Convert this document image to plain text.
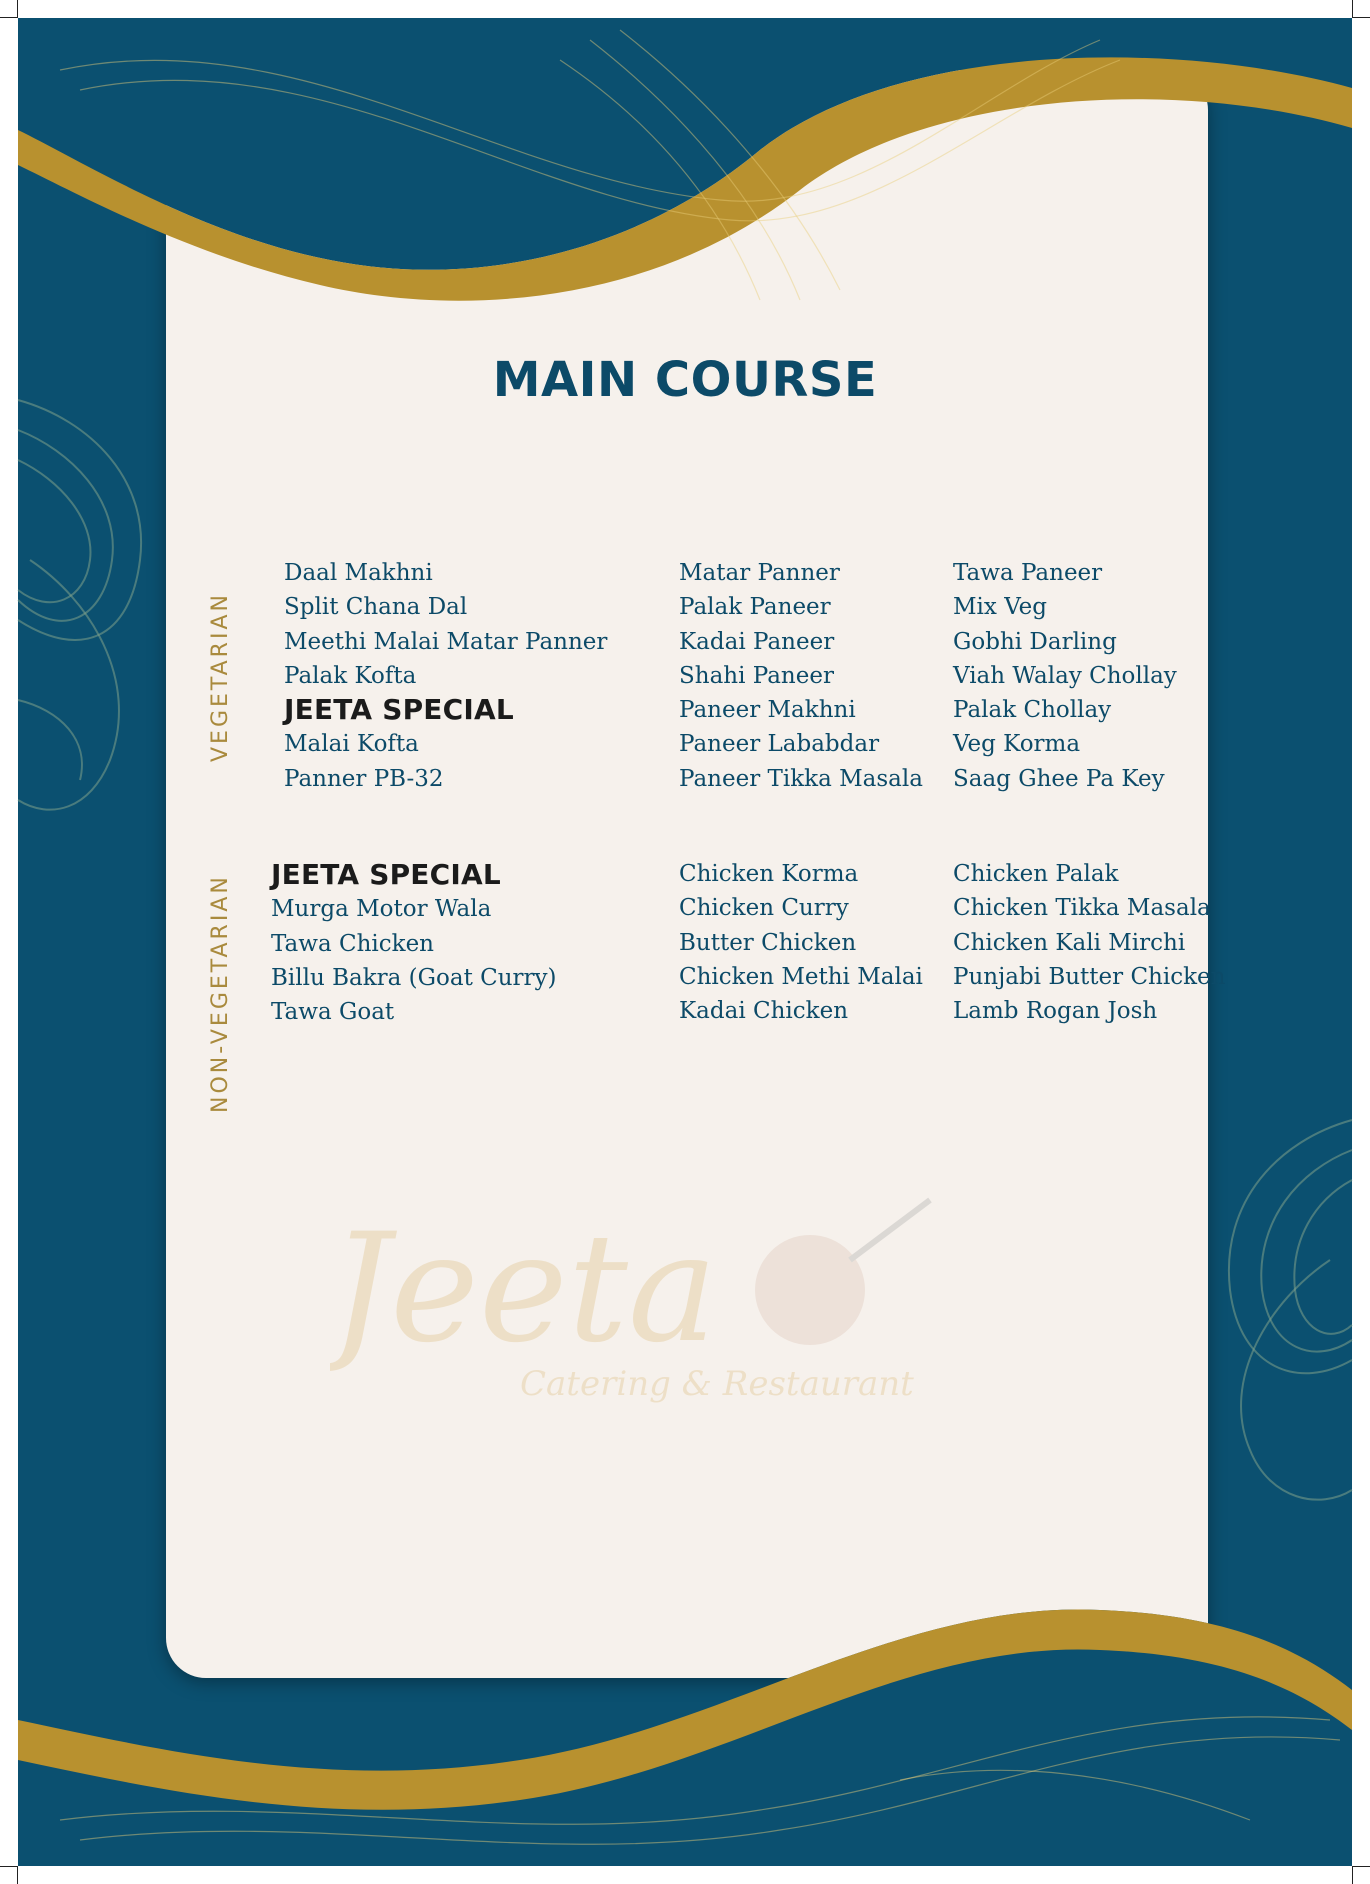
Jeeta
Catering & Restaurant
MAIN COURSE
VEGETARIAN
NON-VEGETARIAN
Daal Makhni
Split Chana Dal
Meethi Malai Matar Panner
Palak Kofta
JEETA SPECIAL
Malai Kofta
Panner PB-32
Matar Panner
Palak Paneer
Kadai Paneer
Shahi Paneer
Paneer Makhni
Paneer Lababdar
Paneer Tikka Masala
Tawa Paneer
Mix Veg
Gobhi Darling
Viah Walay Chollay
Palak Chollay
Veg Korma
Saag Ghee Pa Key
JEETA SPECIAL
Murga Motor Wala
Tawa Chicken
Billu Bakra (Goat Curry)
Tawa Goat
Chicken Korma
Chicken Curry
Butter Chicken
Chicken Methi Malai
Kadai Chicken
Chicken Palak
Chicken Tikka Masala
Chicken Kali Mirchi
Punjabi Butter Chicken
Lamb Rogan Josh
